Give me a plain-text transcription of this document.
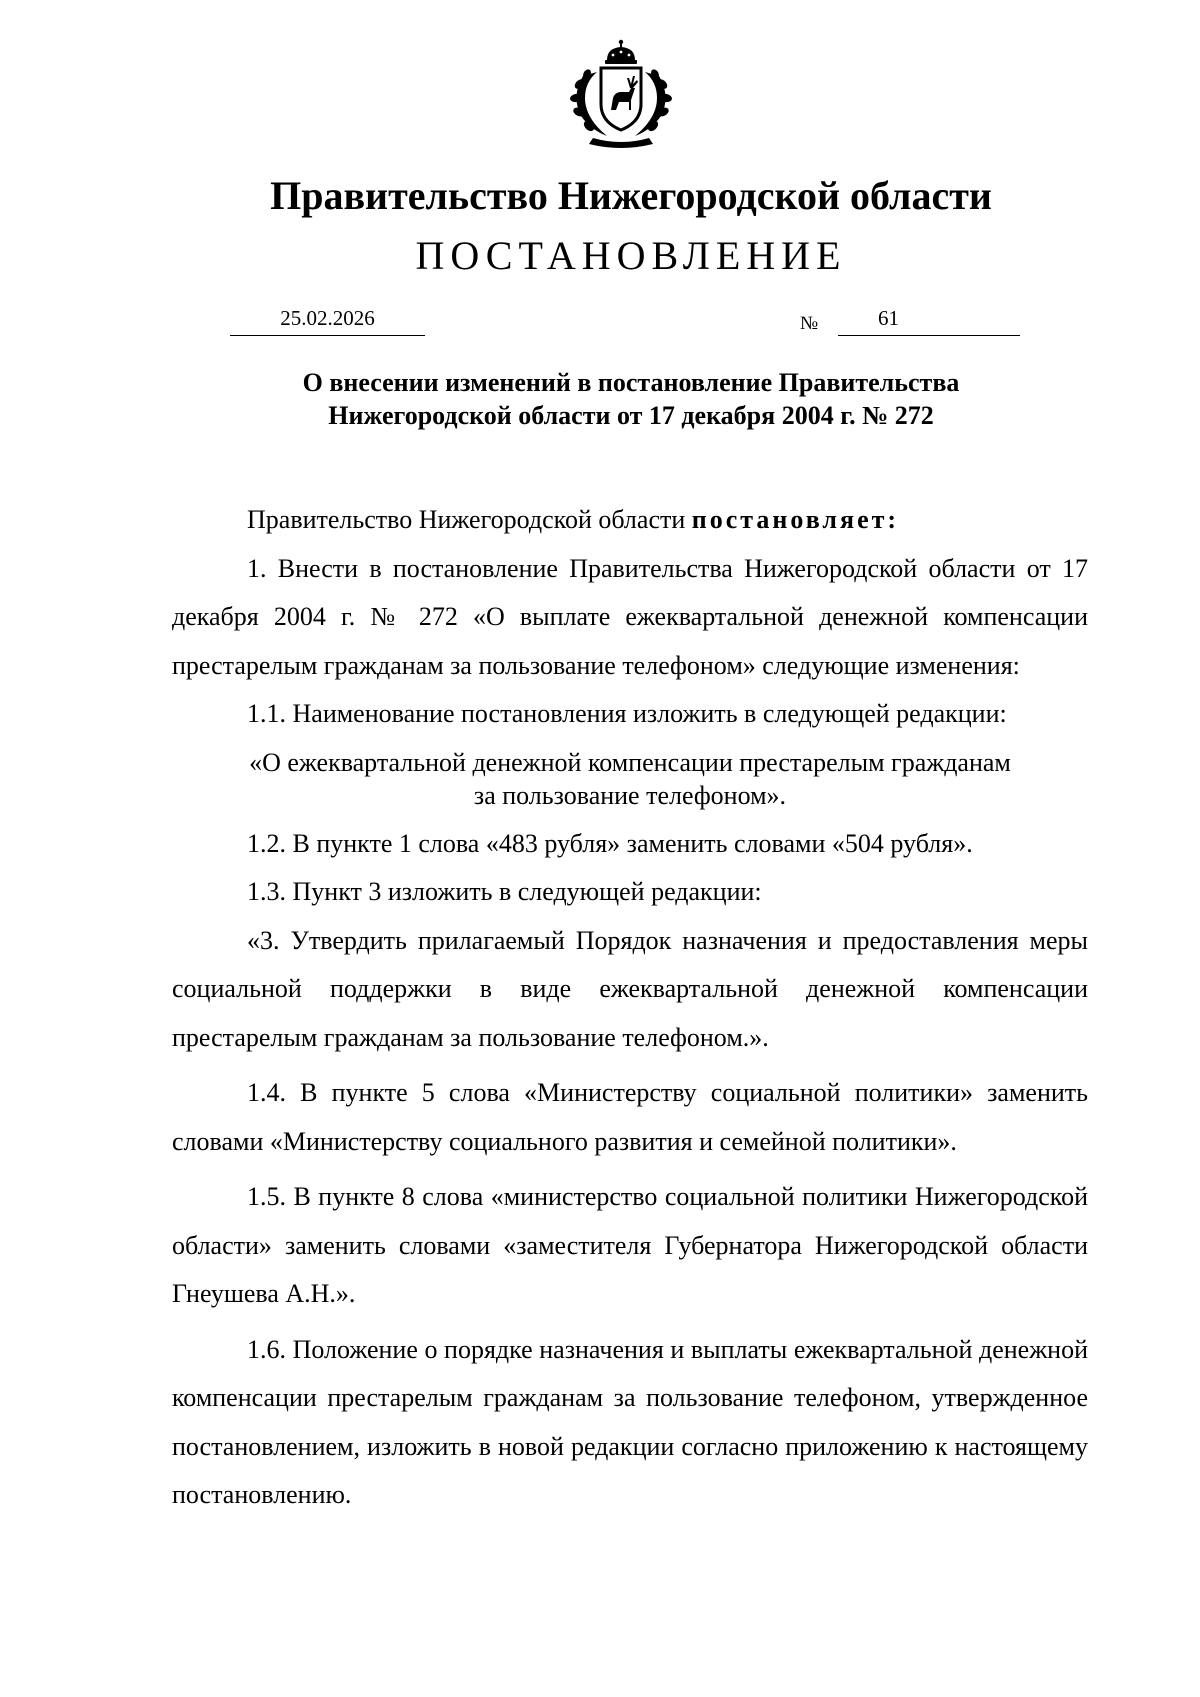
Правительство Нижегородской области
ПОСТАНОВЛЕНИЕ
25.02.2026	№	61
О внесении изменений в постановление Правительства
Нижегородской области от 17 декабря 2004 г. № 272

Правительство Нижегородской области постановляет:

1. Внести в постановление Правительства Нижегородской области от 17 декабря 2004 г. № 272 «О выплате ежеквартальной денежной компенсации престарелым гражданам за пользование телефоном» следующие изменения:

1.1. Наименование постановления изложить в следующей редакции:

«О ежеквартальной денежной компенсации престарелым гражданам
за пользование телефоном».

1.2. В пункте 1 слова «483 рубля» заменить словами «504 рубля».

1.3. Пункт 3 изложить в следующей редакции:

«3. Утвердить прилагаемый Порядок назначения и предоставления меры социальной поддержки в виде ежеквартальной денежной компенсации престарелым гражданам за пользование телефоном.».

1.4. В пункте 5 слова «Министерству социальной политики» заменить словами «Министерству социального развития и семейной политики».

1.5. В пункте 8 слова «министерство социальной политики Нижегородской области» заменить словами «заместителя Губернатора Нижегородской области Гнеушева А.Н.».

1.6. Положение о порядке назначения и выплаты ежеквартальной денежной компенсации престарелым гражданам за пользование телефоном, утвержденное постановлением, изложить в новой редакции согласно приложению к настоящему постановлению.
